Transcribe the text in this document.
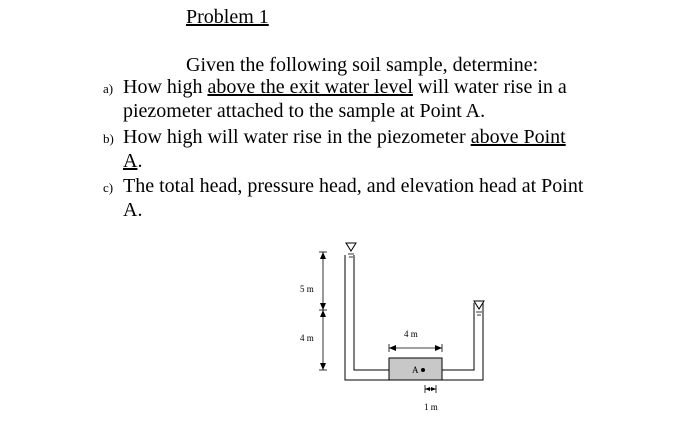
Problem 1
Given the following soil sample, determine:
a) How high above the exit water level will water rise in a
piezometer attached to the sample at Point A.
b) How high will water rise in the piezometer above Point
A.
c) The total head, pressure head, and elevation head at Point
A.
5 m
4 m	4 m
A
1 m
